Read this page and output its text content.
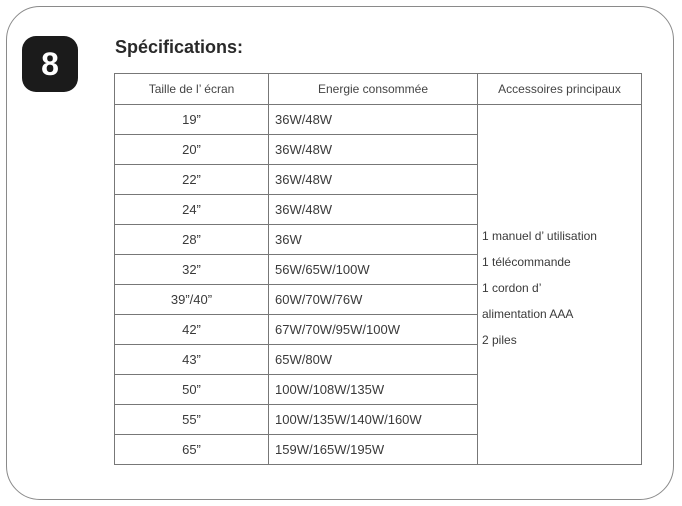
8	Spécifications:
Taille de l’ écran	Energie consommée	Accessoires principaux
19”	36W/48W	1 manuel d’ utilisation
1 télécommande
1 cordon d’
alimentation AAA
2 piles

20”	36W/48W	
22”	36W/48W	
24”	36W/48W	
28”	36W	
32”	56W/65W/100W	
39”/40”	60W/70W/76W	
42”	67W/70W/95W/100W	
43”	65W/80W	
50”	100W/108W/135W	
55”	100W/135W/140W/160W	
65”	159W/165W/195W	
